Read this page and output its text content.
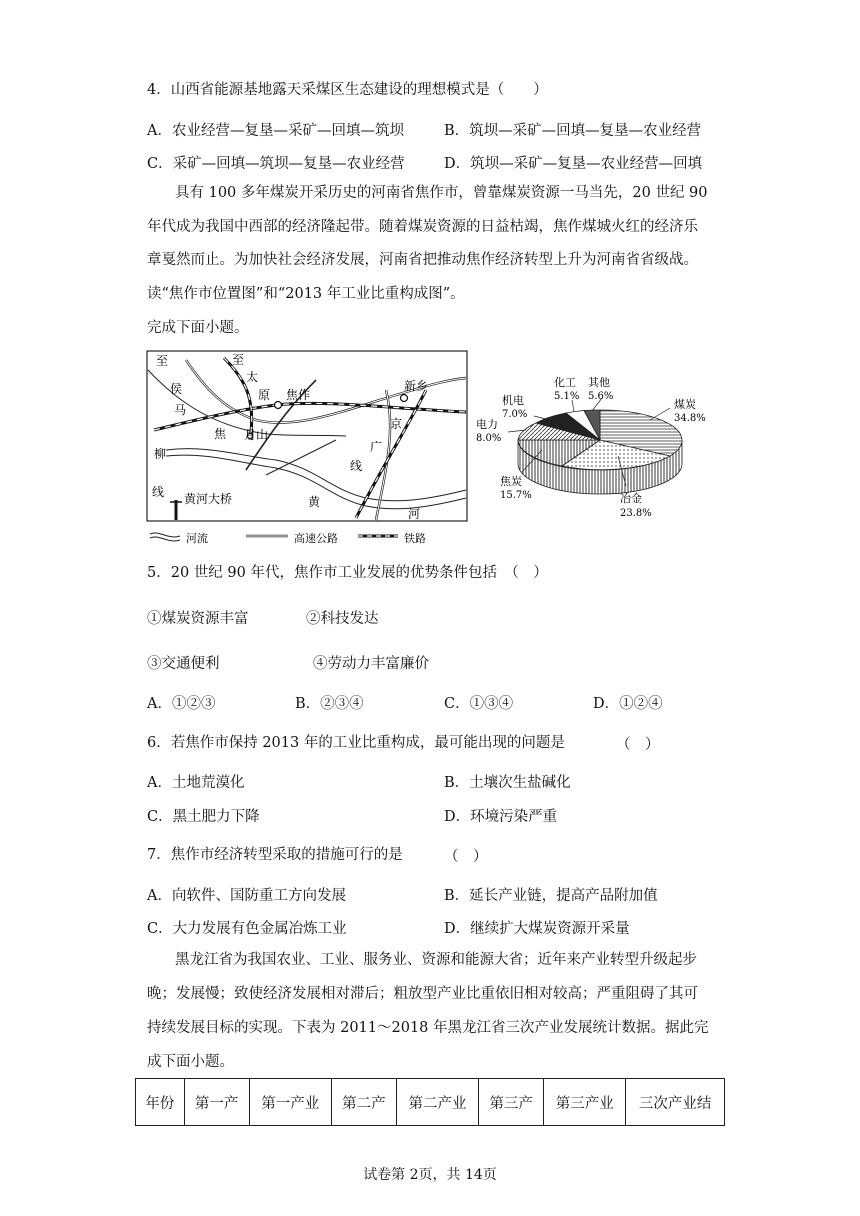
4．山西省能源基地露天采煤区生态建设的理想模式是（　　）
A．农业经营—复垦—采矿—回填—筑坝	B．筑坝—采矿—回填—复垦—农业经营
C．采矿—回填—筑坝—复垦—农业经营	D．筑坝—采矿—复垦—农业经营—回填
具有 100 多年煤炭开采历史的河南省焦作市，曾靠煤炭资源一马当先，20 世纪 90
年代成为我国中西部的经济隆起带。随着煤炭资源的日益枯竭，焦作煤城火红的经济乐
章戛然而止。为加快社会经济发展，河南省把推动焦作经济转型上升为河南省省级战。
读“焦作市位置图”和“2013 年工业比重构成图”。
完成下面小题。
至
侯
马
柳
线
至
太
原 焦作
焦 月山
新乡
京
广
线
黄河大桥	黄
河
河流	高速公路	铁路
煤炭
34.8%
冶金
23.8%
焦炭
15.7%
电力
8.0%
机电
7.0%
化工
5.1%
其他
5.6%
5．20 世纪 90 年代，焦作市工业发展的优势条件包括　（　）
①煤炭资源丰富	②科技发达
③交通便利	④劳动力丰富廉价
A．①②③	B．②③④	C．①③④	D．①②④
6．若焦作市保持 2013 年的工业比重构成，最可能出现的问题是	（　）
A．土地荒漠化	B．土壤次生盐碱化
C．黑土肥力下降	D．环境污染严重
7．焦作市经济转型采取的措施可行的是	（　）
A．向软件、国防重工方向发展	B．延长产业链，提高产品附加值
C．大力发展有色金属冶炼工业	D．继续扩大煤炭资源开采量
黑龙江省为我国农业、工业、服务业、资源和能源大省；近年来产业转型升级起步
晚；发展慢；致使经济发展相对滞后；粗放型产业比重依旧相对较高；严重阻碍了其可
持续发展目标的实现。下表为 2011～2018 年黑龙江省三次产业发展统计数据。据此完
成下面小题。
年份	第一产	第一产业	第二产	第二产业	第三产	第三产业	三次产业结
试卷第 2页，共 14页
